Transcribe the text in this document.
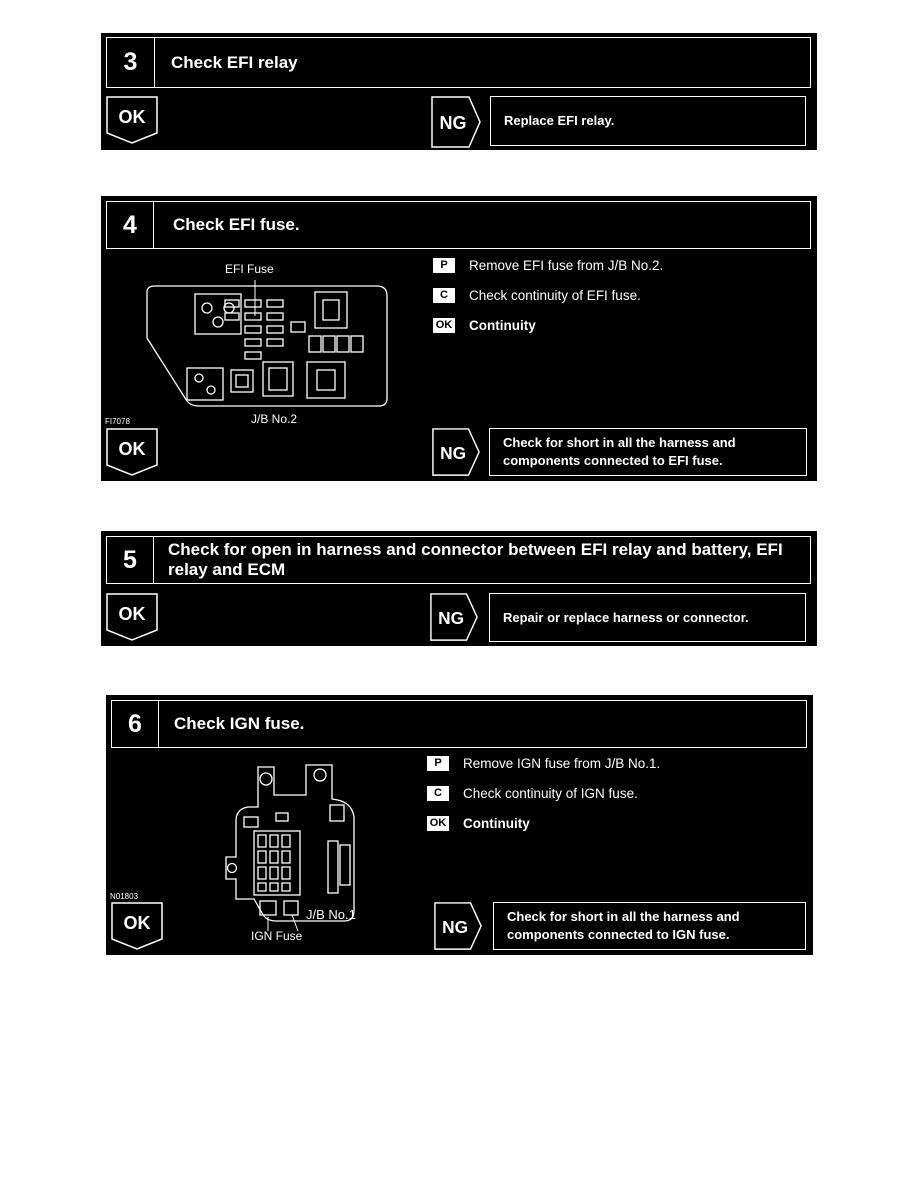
3	Check EFI relay
OK	NG	Replace EFI relay.
4	Check EFI fuse.
EFI Fuse
J/B No.2
FI7078
P	Remove EFI fuse from J/B No.2.
C	Check continuity of EFI fuse.
OK Continuity
OK	NG
Check for short in all the harness and components connected to EFI fuse.
5	Check for open in harness and connector between EFI relay and battery, EFI relay and ECM
OK	NG	Repair or replace harness or connector.
6	Check IGN fuse.
J/B No.1
IGN Fuse
N01803
P	Remove IGN fuse from J/B No.1.
C	Check continuity of IGN fuse.
OK Continuity
OK	NG
Check for short in all the harness and components connected to IGN fuse.
